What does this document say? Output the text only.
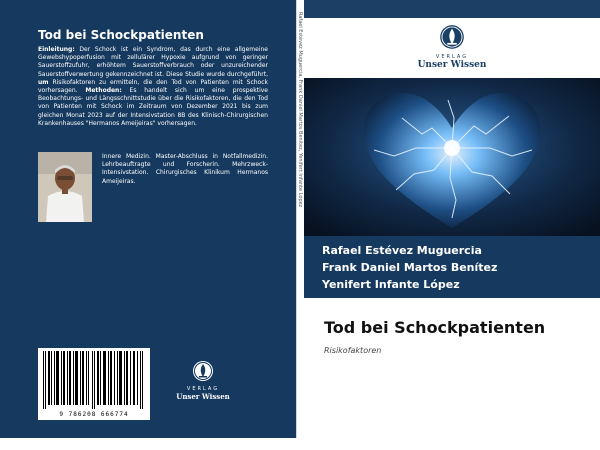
Tod bei Schockpatienten
Einleitung: Der Schock ist ein Syndrom, das durch eine allgemeine Gewebshypoperfusion mit zellulärer Hypoxie aufgrund von geringer Sauerstoffzufuhr, erhöhtem Sauerstoffverbrauch oder unzureichender Sauerstoffverwertung gekennzeichnet ist. Diese Studie wurde durchgeführt, um Risikofaktoren zu ermitteln, die den Tod von Patienten mit Schock vorhersagen. Methoden: Es handelt sich um eine prospektive Beobachtungs- und Längsschnittstudie über die Risikofaktoren, die den Tod von Patienten mit Schock im Zeitraum von Dezember 2021 bis zum gleichen Monat 2023 auf der Intensivstation 8B des Klinisch-Chirurgischen Krankenhauses "Hermanos Ameijeiras" vorhersagen.
Innere Medizin. Master-Abschluss in Notfallmedizin. Lehrbeauftragte und Forscherin. Mehrzweck-Intensivstation. Chirurgisches Klinikum Hermanos Ameijeiras.
9 786208 666774
VERLAG
Unser Wissen
Rafael Estévez Muguercia, Frank Daniel Martos Benítez, Yenifert Infante López	VERLAG
Unser Wissen
Rafael Estévez Muguercia
Frank Daniel Martos Benítez
Yenifert Infante López
Tod bei Schockpatienten
Risikofaktoren
